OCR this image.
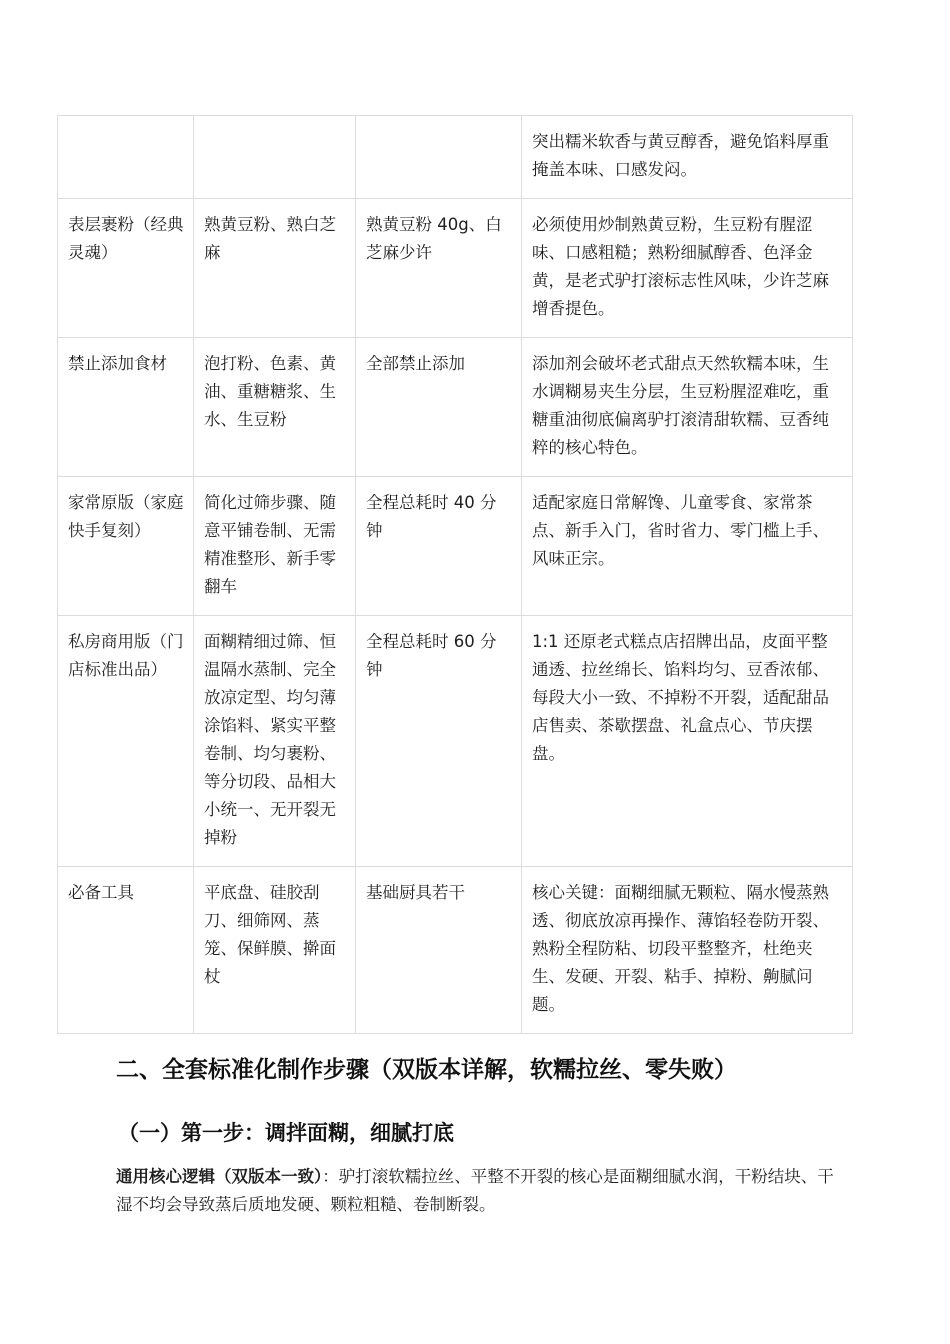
			突出糯米软香与黄豆醇香，避免馅料厚重掩盖本味、口感发闷。
表层裹粉（经典灵魂）	熟黄豆粉、熟白芝麻	熟黄豆粉 40g、白芝麻少许	必须使用炒制熟黄豆粉，生豆粉有腥涩味、口感粗糙；熟粉细腻醇香、色泽金黄，是老式驴打滚标志性风味，少许芝麻增香提色。
禁止添加食材	泡打粉、色素、黄油、重糖糖浆、生水、生豆粉	全部禁止添加	添加剂会破坏老式甜点天然软糯本味，生水调糊易夹生分层，生豆粉腥涩难吃，重糖重油彻底偏离驴打滚清甜软糯、豆香纯粹的核心特色。
家常原版（家庭快手复刻）	简化过筛步骤、随意平铺卷制、无需精准整形、新手零翻车	全程总耗时 40 分钟	适配家庭日常解馋、儿童零食、家常茶点、新手入门，省时省力、零门槛上手、风味正宗。
私房商用版（门店标准出品）	面糊精细过筛、恒温隔水蒸制、完全放凉定型、均匀薄涂馅料、紧实平整卷制、均匀裹粉、等分切段、品相大小统一、无开裂无掉粉	全程总耗时 60 分钟	1:1 还原老式糕点店招牌出品，皮面平整通透、拉丝绵长、馅料均匀、豆香浓郁、每段大小一致、不掉粉不开裂，适配甜品店售卖、茶歇摆盘、礼盒点心、节庆摆盘。
必备工具	平底盘、硅胶刮刀、细筛网、蒸笼、保鲜膜、擀面杖	基础厨具若干	核心关键：面糊细腻无颗粒、隔水慢蒸熟透、彻底放凉再操作、薄馅轻卷防开裂、熟粉全程防粘、切段平整整齐，杜绝夹生、发硬、开裂、粘手、掉粉、齁腻问题。
二、全套标准化制作步骤（双版本详解，软糯拉丝、零失败）
（一）第一步：调拌面糊，细腻打底

通用核心逻辑（双版本一致）：驴打滚软糯拉丝、平整不开裂的核心是面糊细腻水润，干粉结块、干湿不均会导致蒸后质地发硬、颗粒粗糙、卷制断裂。
